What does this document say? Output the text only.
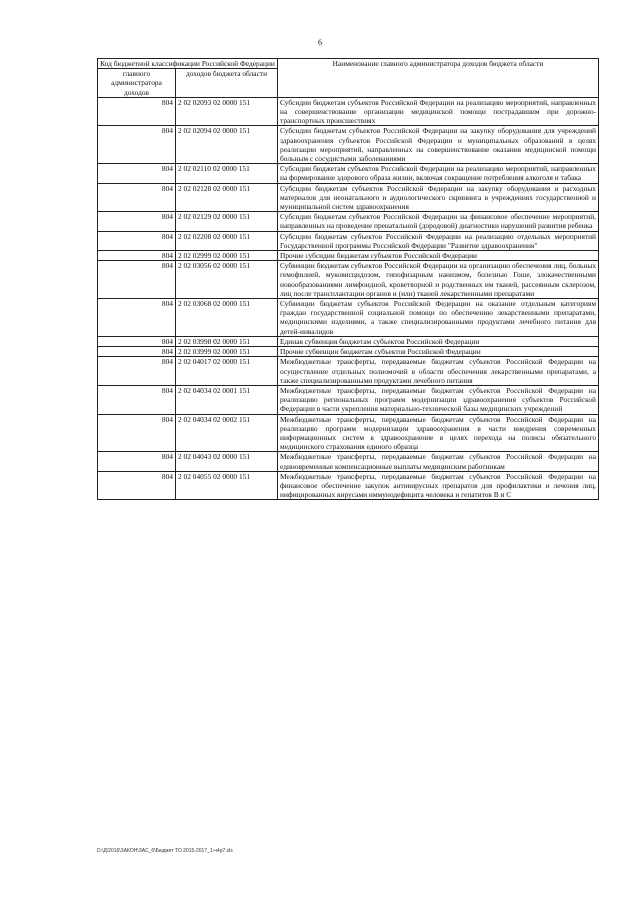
6
Код бюджетной классификации Российской Федерации		Наименование главного администратора доходов бюджета области
главного администратора доходов	доходов бюджета области	
804	2 02 02093 02 0000 151	Субсидии бюджетам субъектов Российской Федерации на реализацию мероприятий, направленных на совершенствование организации медицинской помощи пострадавшим при дорожно-транспортных происшествиях
804	2 02 02094 02 0000 151	Субсидии бюджетам субъектов Российской Федерации на закупку оборудования для учреждений здравоохранения субъектов Российской Федерации и муниципальных образований в целях реализации мероприятий, направленных на совершенствование оказания медицинской помощи больным с сосудистыми заболеваниями
804	2 02 02110 02 0000 151	Субсидии бюджетам субъектов Российской Федерации на реализацию мероприятий, направленных на формирование здорового образа жизни, включая сокращение потребления алкоголя и табака
804	2 02 02128 02 0000 151	Субсидии бюджетам субъектов Российской Федерации на закупку оборудования и расходных материалов для неонатального и аудиологического скрининга в учреждениях государственной и муниципальной систем здравоохранения
804	2 02 02129 02 0000 151	Субсидии бюджетам субъектов Российской Федерации на финансовое обеспечение мероприятий, направленных на проведение пренатальной (дородовой) диагностики нарушений развития ребенка
804	2 02 02208 02 0000 151	Субсидии бюджетам субъектов Российской Федерации на реализацию отдельных мероприятий Государственной программы Российской Федерации "Развитие здравоохранения"
804	2 02 02999 02 0000 151	Прочие субсидии бюджетам субъектов Российской Федерации
804	2 02 03056 02 0000 151	Субвенции бюджетам субъектов Российской Федерации на организацию обеспечения лиц, больных гемофилией, муковисцидозом, гипофизарным нанизмом, болезнью Гоше, злокачественными новообразованиями лимфоидной, кроветворной и родственных им тканей, рассеянным склерозом, лиц после трансплантации органов и (или) тканей лекарственными препаратами
804	2 02 03068 02 0000 151	Субвенции бюджетам субъектов Российской Федерации на оказание отдельным категориям граждан государственной социальной помощи по обеспечению лекарственными препаратами, медицинскими изделиями, а также специализированными продуктами лечебного питания для детей-инвалидов
804	2 02 03998 02 0000 151	Единая субвенция бюджетам субъектов Российской Федерации
804	2 02 03999 02 0000 151	Прочие субвенции бюджетам субъектов Российской Федерации
804	2 02 04017 02 0000 151	Межбюджетные трансферты, передаваемые бюджетам субъектов Российской Федерации на осуществление отдельных полномочий в области обеспечения лекарственными препаратами, а также специализированными продуктами лечебного питания
804	2 02 04034 02 0001 151	Межбюджетные трансферты, передаваемые бюджетам субъектов Российской Федерации на реализацию региональных программ модернизации здравоохранения субъектов Российской Федерации в части укрепления материально-технической базы медицинских учреждений
804	2 02 04034 02 0002 151	Межбюджетные трансферты, передаваемые бюджетам субъектов Российской Федерации на реализацию программ модернизации здравоохранения в части внедрения современных информационных систем в здравоохранение в целях перехода на полисы обязательного медицинского страхования единого образца
804	2 02 04043 02 0000 151	Межбюджетные трансферты, передаваемые бюджетам субъектов Российской Федерации на единовременные компенсационные выплаты медицинским работникам
804	2 02 04055 02 0000 151	Межбюджетные трансферты, передаваемые бюджетам субъектов Российской Федерации на финансовое обеспечение закупок антивирусных препаратов для профилактики и лечения лиц, инфицированных вирусами иммунодефицита человека и гепатитов В и С
D:\Д\2016\ЗАКОН\ЗАС_6\Бюджет ТО 2015-2017_1-ч4р7.xls
